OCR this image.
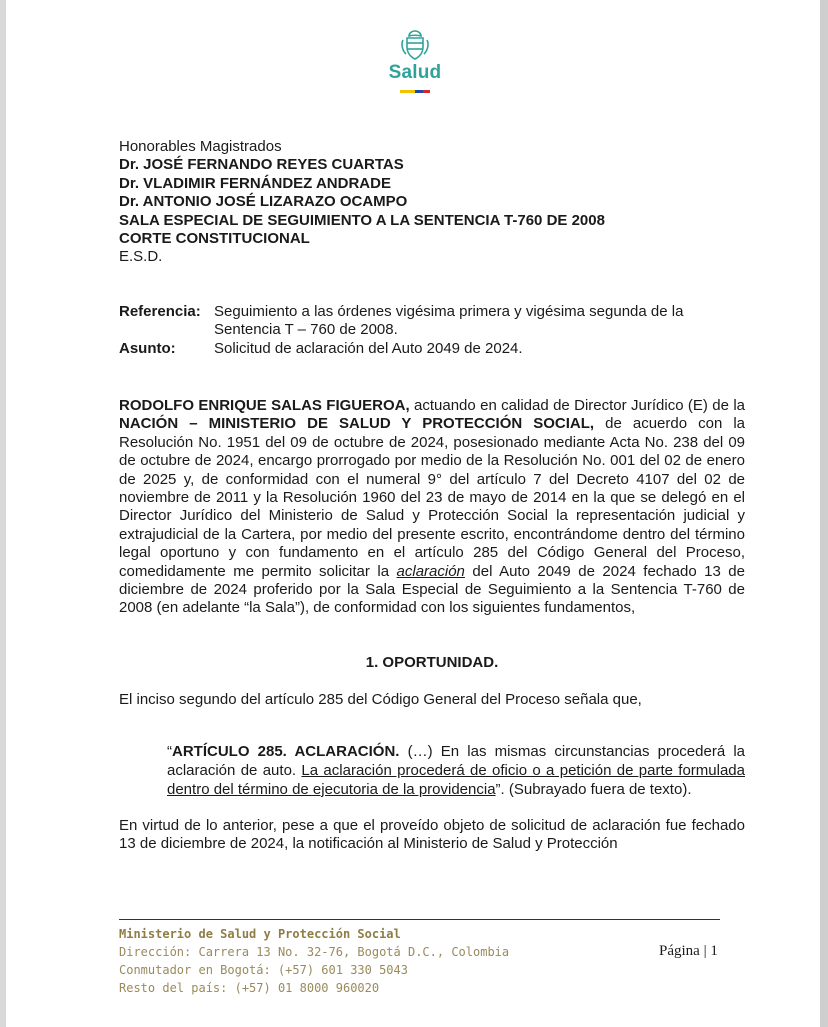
Salud
Honorables Magistrados
Dr. JOSÉ FERNANDO REYES CUARTAS
Dr. VLADIMIR FERNÁNDEZ ANDRADE
Dr. ANTONIO JOSÉ LIZARAZO OCAMPO
SALA ESPECIAL DE SEGUIMIENTO A LA SENTENCIA T-760 DE 2008
CORTE CONSTITUCIONAL
E.S.D.
Referencia: Seguimiento a las órdenes vigésima primera y vigésima segunda de la Sentencia T – 760 de 2008.
Asunto:	Solicitud de aclaración del Auto 2049 de 2024.
RODOLFO ENRIQUE SALAS FIGUEROA, actuando en calidad de Director Jurídico (E) de la NACIÓN – MINISTERIO DE SALUD Y PROTECCIÓN SOCIAL, de acuerdo con la Resolución No. 1951 del 09 de octubre de 2024, posesionado mediante Acta No. 238 del 09 de octubre de 2024, encargo prorrogado por medio de la Resolución No. 001 del 02 de enero de 2025 y, de conformidad con el numeral 9° del artículo 7 del Decreto 4107 del 02 de noviembre de 2011 y la Resolución 1960 del 23 de mayo de 2014 en la que se delegó en el Director Jurídico del Ministerio de Salud y Protección Social la representación judicial y extrajudicial de la Cartera, por medio del presente escrito, encontrándome dentro del término legal oportuno y con fundamento en el artículo 285 del Código General del Proceso, comedidamente me permito solicitar la aclaración del Auto 2049 de 2024 fechado 13 de diciembre de 2024 proferido por la Sala Especial de Seguimiento a la Sentencia T-760 de 2008 (en adelante “la Sala”), de conformidad con los siguientes fundamentos,
1. OPORTUNIDAD.
El inciso segundo del artículo 285 del Código General del Proceso señala que,
“ARTÍCULO 285. ACLARACIÓN. (…) En las mismas circunstancias procederá la aclaración de auto. La aclaración procederá de oficio o a petición de parte formulada dentro del término de ejecutoria de la providencia”. (Subrayado fuera de texto).
En virtud de lo anterior, pese a que el proveído objeto de solicitud de aclaración fue fechado 13 de diciembre de 2024, la notificación al Ministerio de Salud y Protección
Ministerio de Salud y Protección Social
Dirección: Carrera 13 No. 32-76, Bogotá D.C., Colombia
Conmutador en Bogotá: (+57) 601 330 5043
Resto del país: (+57) 01 8000 960020
Página | 1
